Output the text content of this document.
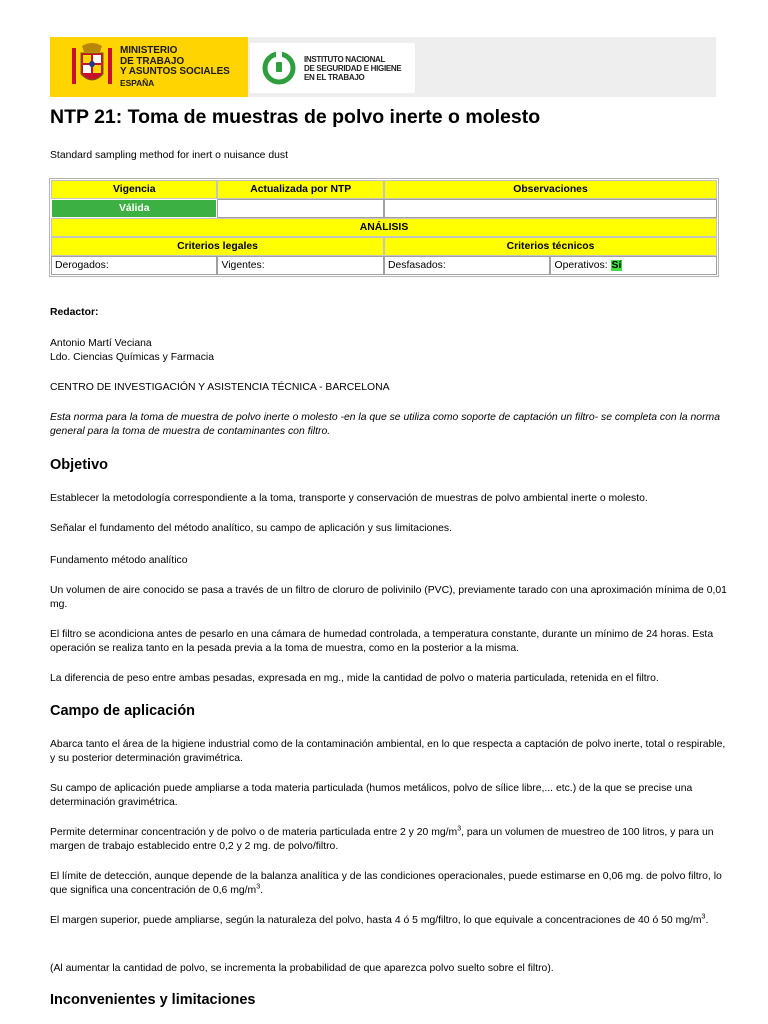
MINISTERIO
DE TRABAJO
Y ASUNTOS SOCIALES
ESPAÑA
INSTITUTO NACIONAL
DE SEGURIDAD E HIGIENE
EN EL TRABAJO
NTP 21: Toma de muestras de polvo inerte o molesto

Standard sampling method for inert o nuisance dust

Vigencia	Actualizada por NTP	Observaciones	
Válida			
ANÁLISIS			
Criterios legales		Criterios técnicos	
Derogados:	Vigentes:	Desfasados:	Operativos: Sí

Redactor:

Antonio Martí Veciana

Ldo. Ciencias Químicas y Farmacia

CENTRO DE INVESTIGACIÓN Y ASISTENCIA TÉCNICA - BARCELONA

Esta norma para la toma de muestra de polvo inerte o molesto -en la que se utiliza como soporte de captación un filtro- se completa con la norma general para la toma de muestra de contaminantes con filtro.

Objetivo

Establecer la metodología correspondiente a la toma, transporte y conservación de muestras de polvo ambiental inerte o molesto.

Señalar el fundamento del método analítico, su campo de aplicación y sus limitaciones.

Fundamento método analítico

Un volumen de aire conocido se pasa a través de un filtro de cloruro de polivinilo (PVC), previamente tarado con una aproximación mínima de 0,01 mg.

El filtro se acondiciona antes de pesarlo en una cámara de humedad controlada, a temperatura constante, durante un mínimo de 24 horas. Esta operación se realiza tanto en la pesada previa a la toma de muestra, como en la posterior a la misma.

La diferencia de peso entre ambas pesadas, expresada en mg., mide la cantidad de polvo o materia particulada, retenida en el filtro.

Campo de aplicación

Abarca tanto el área de la higiene industrial como de la contaminación ambiental, en lo que respecta a captación de polvo inerte, total o respirable, y su posterior determinación gravimétrica.

Su campo de aplicación puede ampliarse a toda materia particulada (humos metálicos, polvo de sílice libre,... etc.) de la que se precise una determinación gravimétrica.

Permite determinar concentración y de polvo o de materia particulada entre 2 y 20 $mg/m^3$, para un volumen de muestreo de 100 litros, y para un margen de trabajo establecido entre 0,2 y 2 mg. de polvo/filtro.

El límite de detección, aunque depende de la balanza analítica y de las condiciones operacionales, puede estimarse en 0,06 mg. de polvo filtro, lo que significa una concentración de 0,6 $mg/m^3$.

El margen superior, puede ampliarse, según la naturaleza del polvo, hasta 4 ó 5 mg/filtro, lo que equivale a concentraciones de 40 ó 50 $mg/m^3$.

(Al aumentar la cantidad de polvo, se incrementa la probabilidad de que aparezca polvo suelto sobre el filtro).

Inconvenientes y limitaciones
